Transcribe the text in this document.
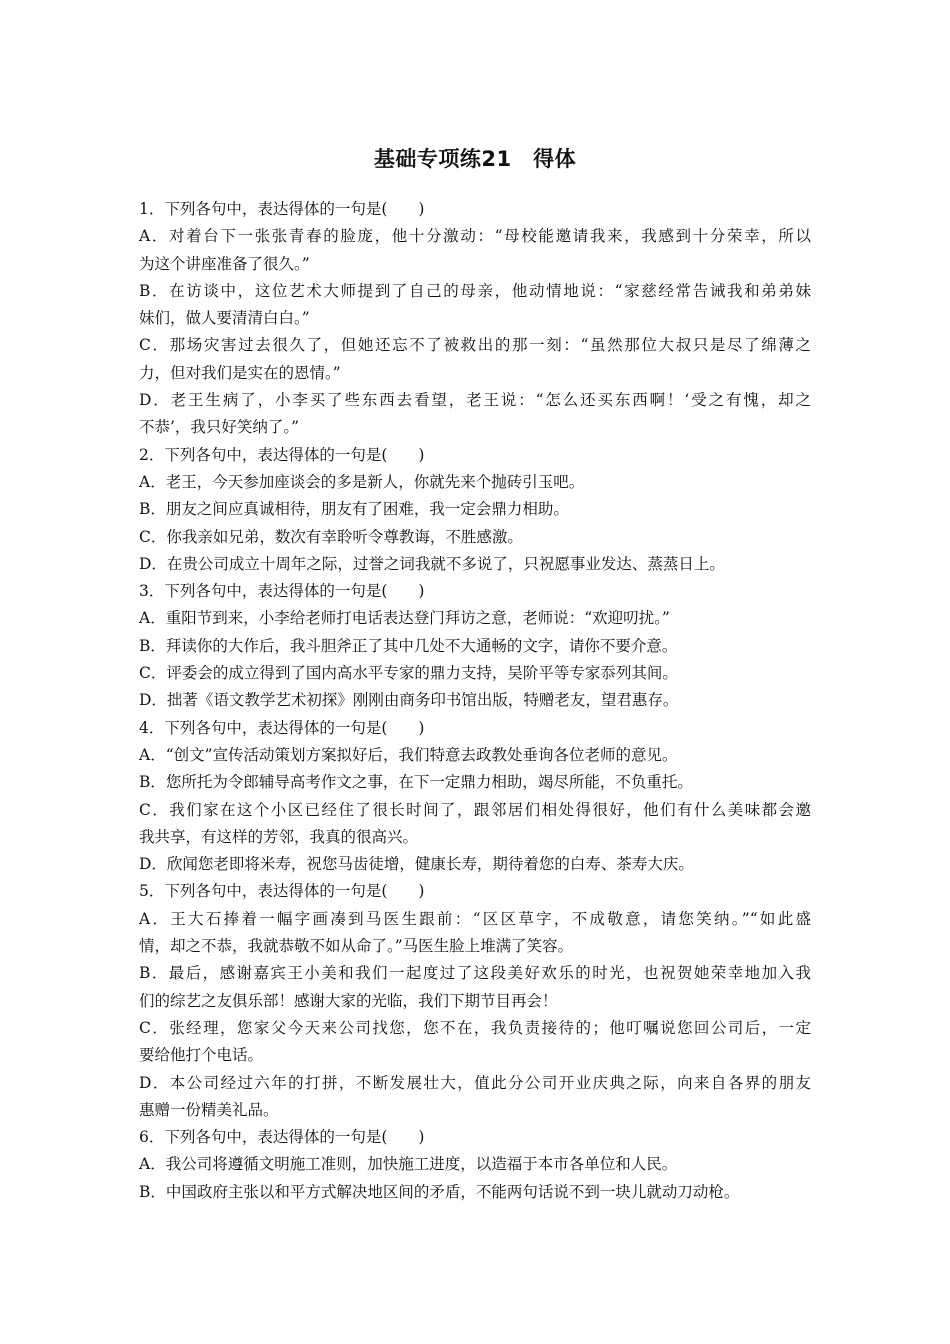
基础专项练21　得体
1．下列各句中，表达得体的一句是(　　)
A．对着台下一张张青春的脸庞，他十分激动：“母校能邀请我来，我感到十分荣幸，所以
为这个讲座准备了很久。”
B．在访谈中，这位艺术大师提到了自己的母亲，他动情地说：“家慈经常告诫我和弟弟妹
妹们，做人要清清白白。”
C．那场灾害过去很久了，但她还忘不了被救出的那一刻：“虽然那位大叔只是尽了绵薄之
力，但对我们是实在的恩情。”
D．老王生病了，小李买了些东西去看望，老王说：“怎么还买东西啊！‘受之有愧，却之
不恭’，我只好笑纳了。”
2．下列各句中，表达得体的一句是(　　)
A．老王，今天参加座谈会的多是新人，你就先来个抛砖引玉吧。
B．朋友之间应真诚相待，朋友有了困难，我一定会鼎力相助。
C．你我亲如兄弟，数次有幸聆听令尊教诲，不胜感激。
D．在贵公司成立十周年之际，过誉之词我就不多说了，只祝愿事业发达、蒸蒸日上。
3．下列各句中，表达得体的一句是(　　)
A．重阳节到来，小李给老师打电话表达登门拜访之意，老师说：“欢迎叨扰。”
B．拜读你的大作后，我斗胆斧正了其中几处不大通畅的文字，请你不要介意。
C．评委会的成立得到了国内高水平专家的鼎力支持，吴阶平等专家忝列其间。
D．拙著《语文教学艺术初探》刚刚由商务印书馆出版，特赠老友，望君惠存。
4．下列各句中，表达得体的一句是(　　)
A．“创文”宣传活动策划方案拟好后，我们特意去政教处垂询各位老师的意见。
B．您所托为令郎辅导高考作文之事，在下一定鼎力相助，竭尽所能，不负重托。
C．我们家在这个小区已经住了很长时间了，跟邻居们相处得很好，他们有什么美味都会邀
我共享，有这样的芳邻，我真的很高兴。
D．欣闻您老即将米寿，祝您马齿徒增，健康长寿，期待着您的白寿、茶寿大庆。
5．下列各句中，表达得体的一句是(　　)
A．王大石捧着一幅字画凑到马医生跟前：“区区草字，不成敬意，请您笑纳。”“如此盛
情，却之不恭，我就恭敬不如从命了。”马医生脸上堆满了笑容。
B．最后，感谢嘉宾王小美和我们一起度过了这段美好欢乐的时光，也祝贺她荣幸地加入我
们的综艺之友俱乐部！感谢大家的光临，我们下期节目再会！
C．张经理，您家父今天来公司找您，您不在，我负责接待的；他叮嘱说您回公司后，一定
要给他打个电话。
D．本公司经过六年的打拼，不断发展壮大，值此分公司开业庆典之际，向来自各界的朋友
惠赠一份精美礼品。
6．下列各句中，表达得体的一句是(　　)
A．我公司将遵循文明施工准则，加快施工进度，以造福于本市各单位和人民。
B．中国政府主张以和平方式解决地区间的矛盾，不能两句话说不到一块儿就动刀动枪。
